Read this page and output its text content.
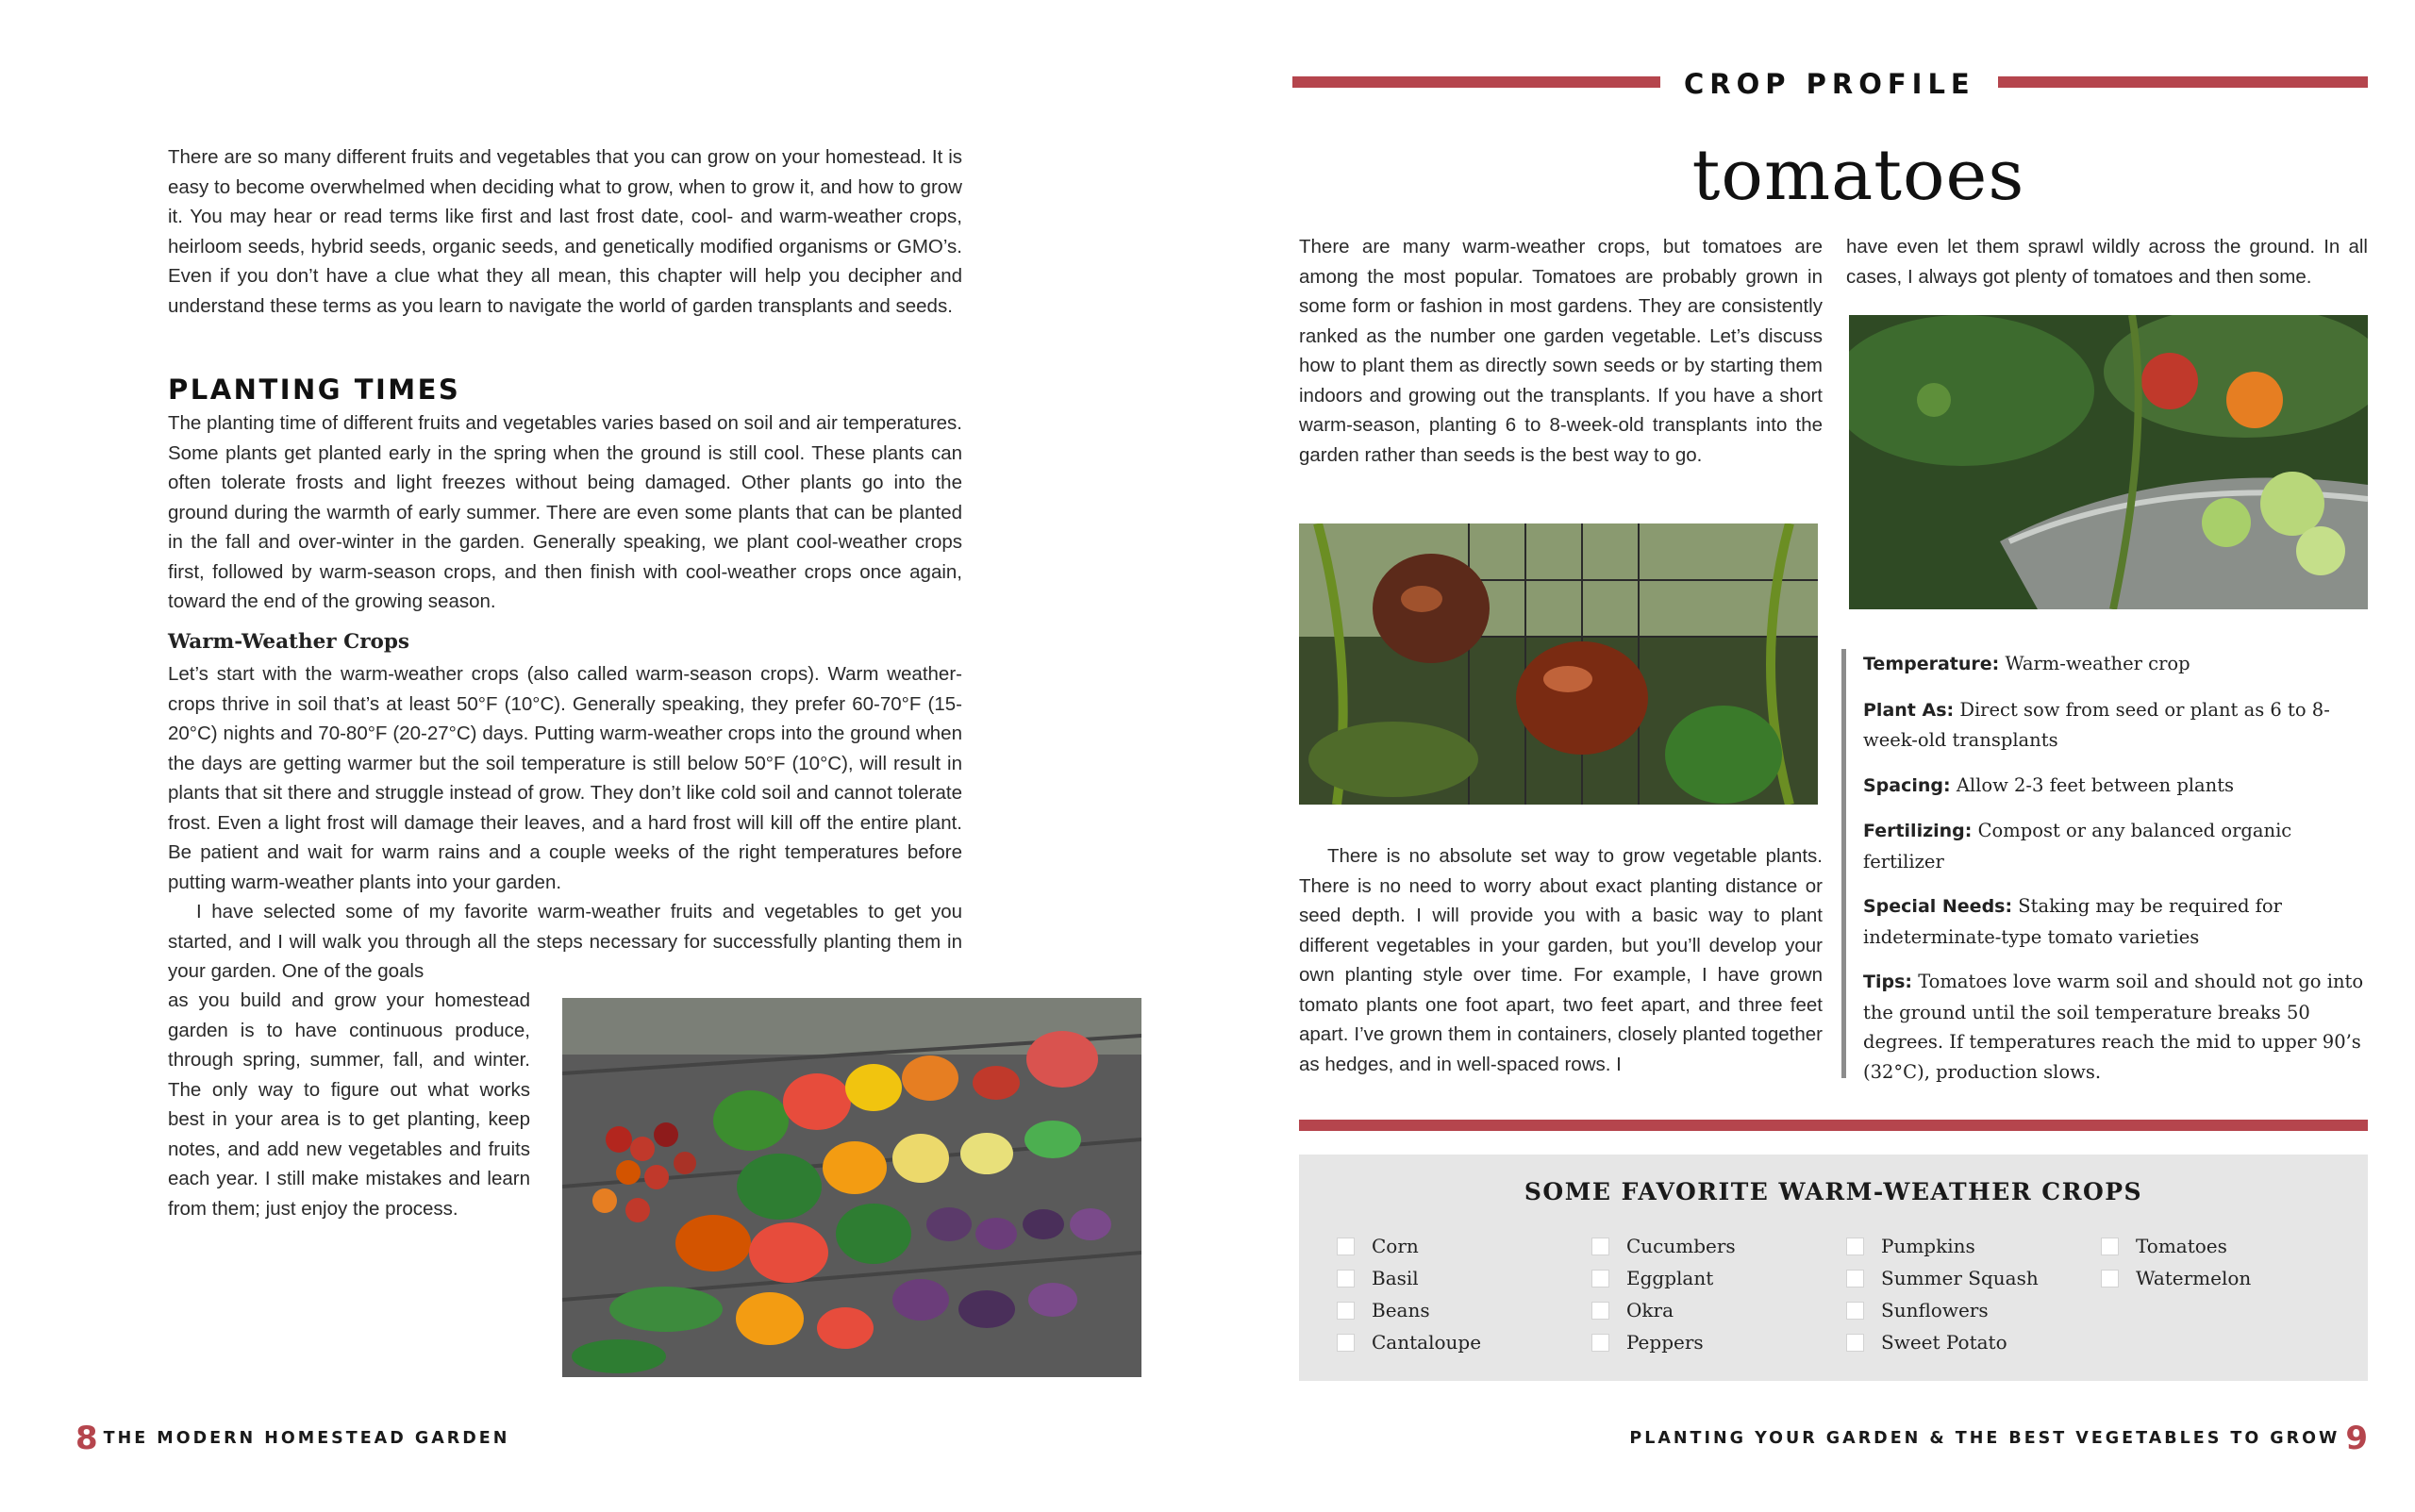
There are so many different fruits and vegetables that you can grow on your homestead. It is easy to become overwhelmed when deciding what to grow, when to grow it, and how to grow it. You may hear or read terms like first and last frost date, cool- and warm-weather crops, heirloom seeds, hybrid seeds, organic seeds, and genetically modified organisms or GMO’s. Even if you don’t have a clue what they all mean, this chapter will help you decipher and understand these terms as you learn to navigate the world of garden transplants and seeds.

PLANTING TIMES

The planting time of different fruits and vegetables varies based on soil and air temperatures. Some plants get planted early in the spring when the ground is still cool. These plants can often tolerate frosts and light freezes without being damaged. Other plants go into the ground during the warmth of early summer. There are even some plants that can be planted in the fall and over-winter in the garden. Generally speaking, we plant cool-weather crops first, followed by warm-season crops, and then finish with cool-weather crops once again, toward the end of the growing season.

Warm-Weather Crops

Let’s start with the warm-weather crops (also called warm-season crops). Warm weather-crops thrive in soil that’s at least 50°F (10°C). Generally speaking, they prefer 60-70°F (15-20°C) nights and 70-80°F (20-27°C) days. Putting warm-weather crops into the ground when the days are getting warmer but the soil temperature is still below 50°F (10°C), will result in plants that sit there and struggle instead of grow. They don’t like cold soil and cannot tolerate frost. Even a light frost will damage their leaves, and a hard frost will kill off the entire plant. Be patient and wait for warm rains and a couple weeks of the right temperatures before putting warm-weather plants into your garden.

I have selected some of my favorite warm-weather fruits and vegetables to get you started, and I will walk you through all the steps necessary for successfully planting them in your garden. One of the goals

as you build and grow your homestead garden is to have continuous produce, through spring, summer, fall, and winter. The only way to figure out what works best in your area is to get planting, keep notes, and add new vegetables and fruits each year. I still make mistakes and learn from them; just enjoy the process.

8 THE MODERN HOMESTEAD GARDEN
CROP PROFILE
tomatoes

There are many warm-weather crops, but tomatoes are among the most popular. Tomatoes are probably grown in some form or fashion in most gardens. They are consistently ranked as the number one garden vegetable. Let’s discuss how to plant them as directly sown seeds or by starting them indoors and growing out the transplants. If you have a short warm-season, planting 6 to 8-week-old transplants into the garden rather than seeds is the best way to go.

There is no absolute set way to grow vegetable plants. There is no need to worry about exact planting distance or seed depth. I will provide you with a basic way to plant different vegetables in your garden, but you’ll develop your own planting style over time. For example, I have grown tomato plants one foot apart, two feet apart, and three feet apart. I’ve grown them in containers, closely planted together as hedges, and in well-spaced rows. I

have even let them sprawl wildly across the ground. In all cases, I always got plenty of tomatoes and then some.

Temperature: Warm-weather crop

Plant As: Direct sow from seed or plant as 6 to 8-week-old transplants

Spacing: Allow 2-3 feet between plants

Fertilizing: Compost or any balanced organic fertilizer

Special Needs: Staking may be required for indeterminate-type tomato varieties

Tips: Tomatoes love warm soil and should not go into the ground until the soil temperature breaks 50 degrees. If temperatures reach the mid to upper 90’s (32°C), production slows.

SOME FAVORITE WARM-WEATHER CROPS
Corn
Basil
Beans
Cantaloupe
Cucumbers
Eggplant
Okra
Peppers
Pumpkins
Summer Squash
Sunflowers
Sweet Potato
Tomatoes
Watermelon
PLANTING YOUR GARDEN & THE BEST VEGETABLES TO GROW 9
